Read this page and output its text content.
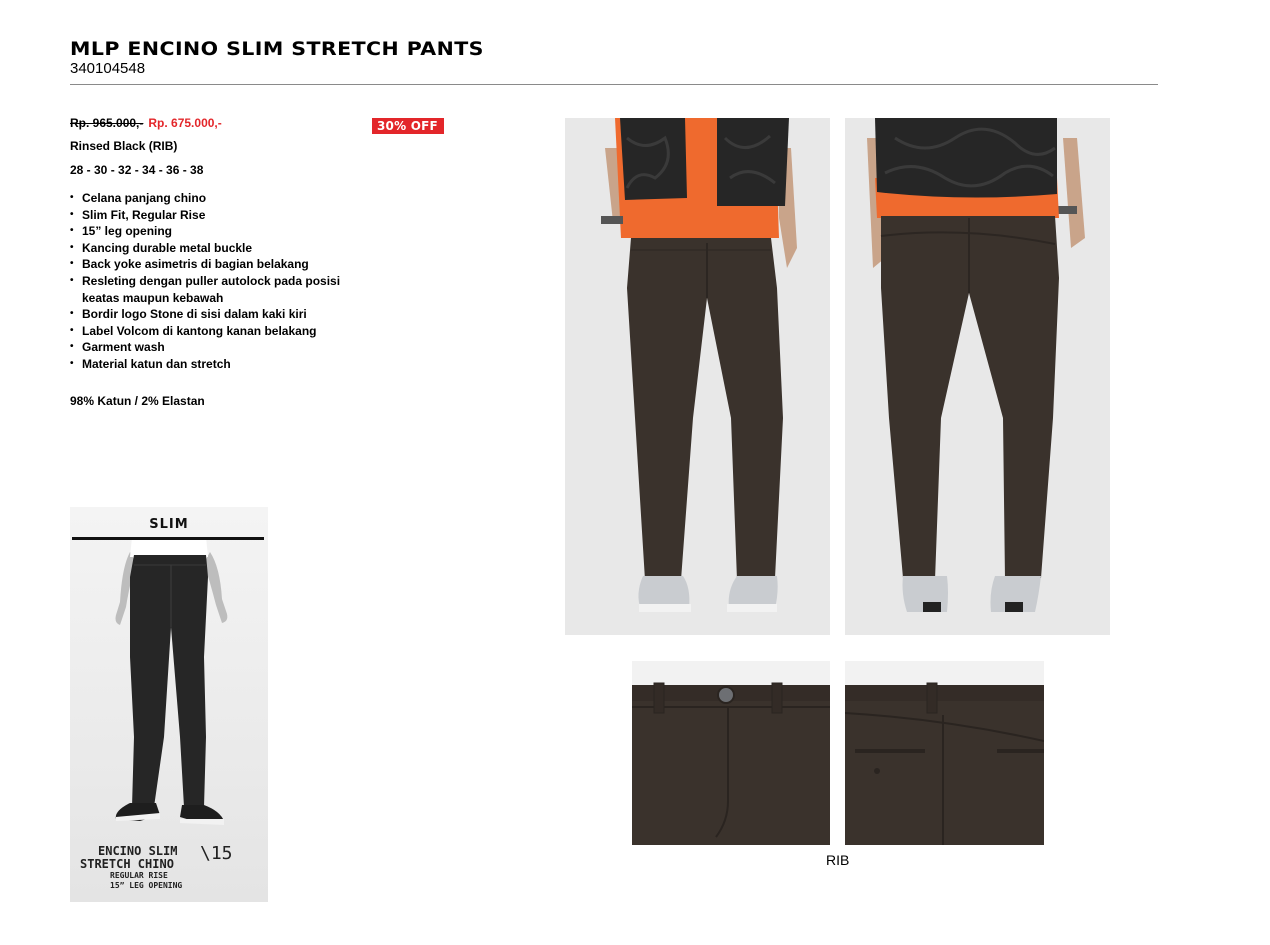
MLP ENCINO SLIM STRETCH PANTS
340104548
Rp. 965.000,- Rp. 675.000,-	30% OFF
Rinsed Black (RIB)
28 - 30 - 32 - 34 - 36 - 38
• Celana panjang chino
• Slim Fit, Regular Rise
• 15” leg opening
• Kancing durable metal buckle
• Back yoke asimetris di bagian belakang
• Resleting dengan puller autolock pada posisi keatas maupun kebawah
• Bordir logo Stone di sisi dalam kaki kiri
• Label Volcom di kantong kanan belakang
• Garment wash
• Material katun dan stretch
98% Katun / 2% Elastan
SLIM
ENCINO SLIM
STRETCH CHINO \15
REGULAR RISE
15” LEG OPENING
RIB
